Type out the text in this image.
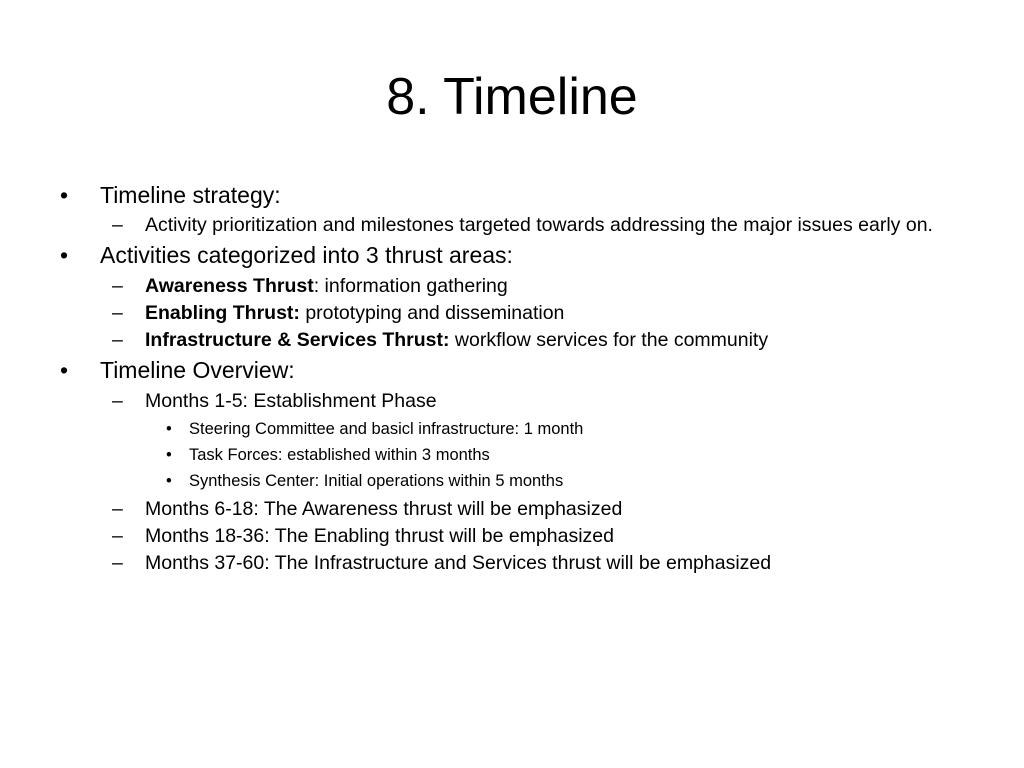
8. Timeline
•	Timeline strategy:
–	Activity prioritization and milestones targeted towards addressing the major issues early on.
•	Activities categorized into 3 thrust areas:
–	Awareness Thrust: information gathering
–	Enabling Thrust: prototyping and dissemination
–	Infrastructure & Services Thrust: workflow services for the community
•	Timeline Overview:
–	Months 1-5: Establishment Phase
•	Steering Committee and basicl infrastructure: 1 month
•	Task Forces: established within 3 months
•	Synthesis Center: Initial operations within 5 months
–	Months 6-18: The Awareness thrust will be emphasized
–	Months 18-36: The Enabling thrust will be emphasized
–	Months 37-60: The Infrastructure and Services thrust will be emphasized
